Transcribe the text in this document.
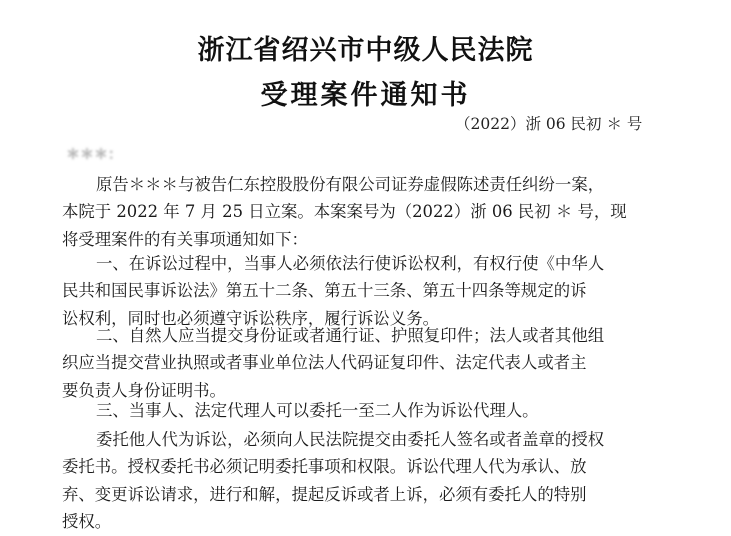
浙江省绍兴市中级人民法院
受理案件通知书
（2022）浙 06 民初 ＊ 号
＊＊＊：
原告＊＊＊与被告仁东控股股份有限公司证券虚假陈述责任纠纷一案，
本院于 2022 年 7 月 25 日立案。本案案号为（2022）浙 06 民初 ＊ 号，现
将受理案件的有关事项通知如下：
一、在诉讼过程中，当事人必须依法行使诉讼权利，有权行使《中华人
民共和国民事诉讼法》第五十二条、第五十三条、第五十四条等规定的诉
讼权利，同时也必须遵守诉讼秩序，履行诉讼义务。
二、自然人应当提交身份证或者通行证、护照复印件；法人或者其他组
织应当提交营业执照或者事业单位法人代码证复印件、法定代表人或者主
要负责人身份证明书。
三、当事人、法定代理人可以委托一至二人作为诉讼代理人。
委托他人代为诉讼，必须向人民法院提交由委托人签名或者盖章的授权
委托书。授权委托书必须记明委托事项和权限。诉讼代理人代为承认、放
弃、变更诉讼请求，进行和解，提起反诉或者上诉，必须有委托人的特别
授权。
